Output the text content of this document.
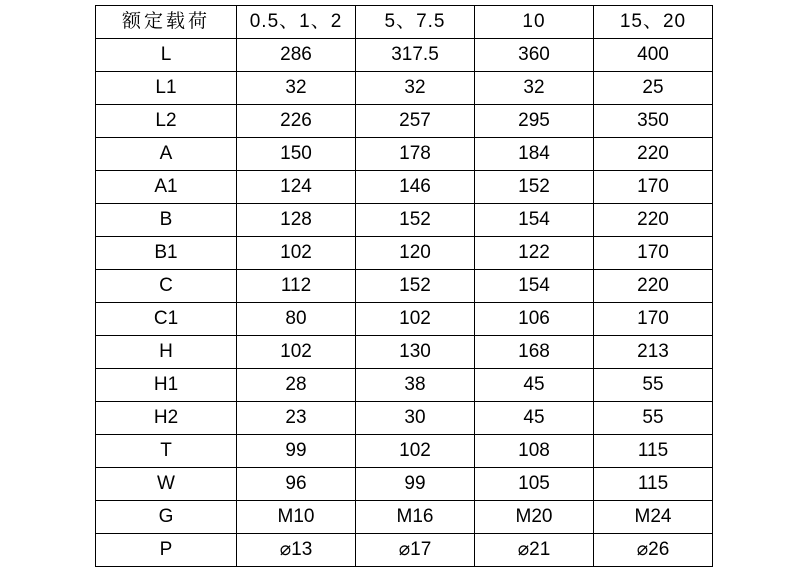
额定载荷	0.5、1、2	5、7.5	10	15、20
L	286	317.5	360	400
L1	32	32	32	25
L2	226	257	295	350
A	150	178	184	220
A1	124	146	152	170
B	128	152	154	220
B1	102	120	122	170
C	112	152	154	220
C1	80	102	106	170
H	102	130	168	213
H1	28	38	45	55
H2	23	30	45	55
T	99	102	108	115
W	96	99	105	115
G	M10	M16	M20	M24
P	⌀13	⌀17	⌀21	⌀26
